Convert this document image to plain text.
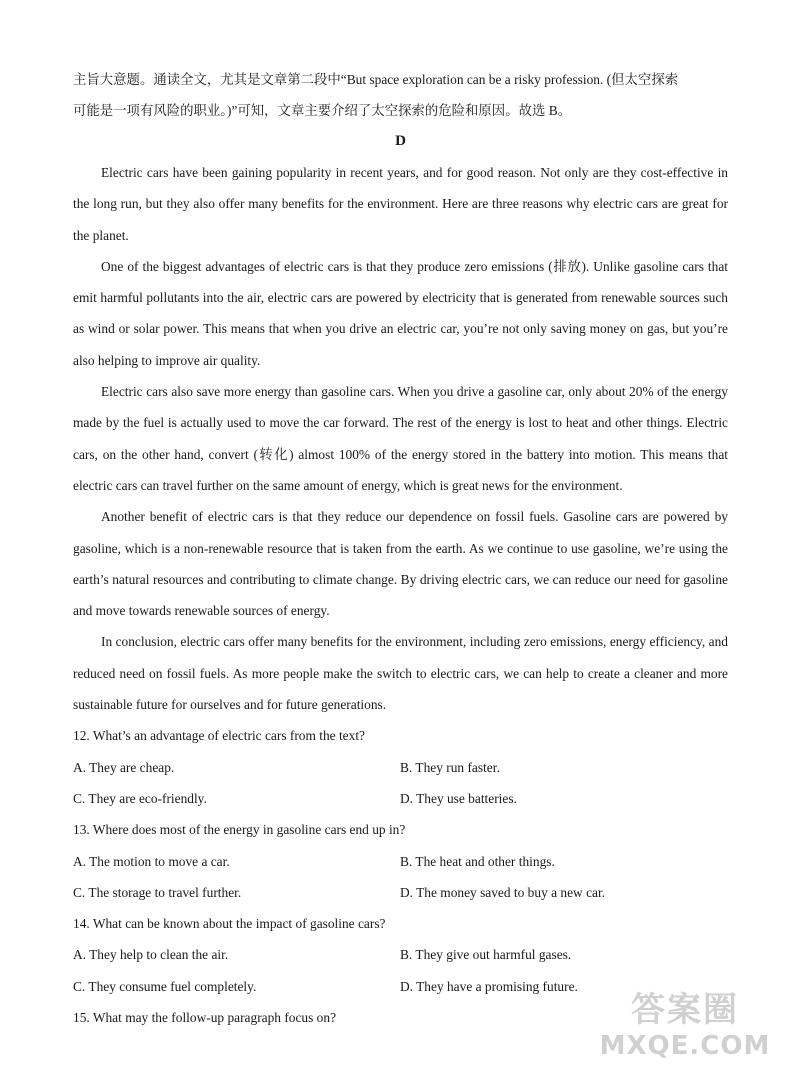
主旨大意题。通读全文，尤其是文章第二段中“But space exploration can be a risky profession. (但太空探索

可能是一项有风险的职业。)”可知，文章主要介绍了太空探索的危险和原因。故选 B。

D

Electric cars have been gaining popularity in recent years, and for good reason. Not only are they cost-effective in the long run, but they also offer many benefits for the environment. Here are three reasons why electric cars are great for the planet.

One of the biggest advantages of electric cars is that they produce zero emissions (排放). Unlike gasoline cars that emit harmful pollutants into the air, electric cars are powered by electricity that is generated from renewable sources such as wind or solar power. This means that when you drive an electric car, you’re not only saving money on gas, but you’re also helping to improve air quality.

Electric cars also save more energy than gasoline cars. When you drive a gasoline car, only about 20% of the energy made by the fuel is actually used to move the car forward. The rest of the energy is lost to heat and other things. Electric cars, on the other hand, convert (转化) almost 100% of the energy stored in the battery into motion. This means that electric cars can travel further on the same amount of energy, which is great news for the environment.

Another benefit of electric cars is that they reduce our dependence on fossil fuels. Gasoline cars are powered by gasoline, which is a non-renewable resource that is taken from the earth. As we continue to use gasoline, we’re using the earth’s natural resources and contributing to climate change. By driving electric cars, we can reduce our need for gasoline and move towards renewable sources of energy.

In conclusion, electric cars offer many benefits for the environment, including zero emissions, energy efficiency, and reduced need on fossil fuels. As more people make the switch to electric cars, we can help to create a cleaner and more sustainable future for ourselves and for future generations.

12. What’s an advantage of electric cars from the text?

A. They are cheap.	B. They run faster.
C. They are eco-friendly.	D. They use batteries.

13. Where does most of the energy in gasoline cars end up in?

A. The motion to move a car.	B. The heat and other things.
C. The storage to travel further.	D. The money saved to buy a new car.

14. What can be known about the impact of gasoline cars?

A. They help to clean the air.	B. They give out harmful gases.
C. They consume fuel completely.	D. They have a promising future.

15. What may the follow-up paragraph focus on?	答案圈
MXQE.COM
